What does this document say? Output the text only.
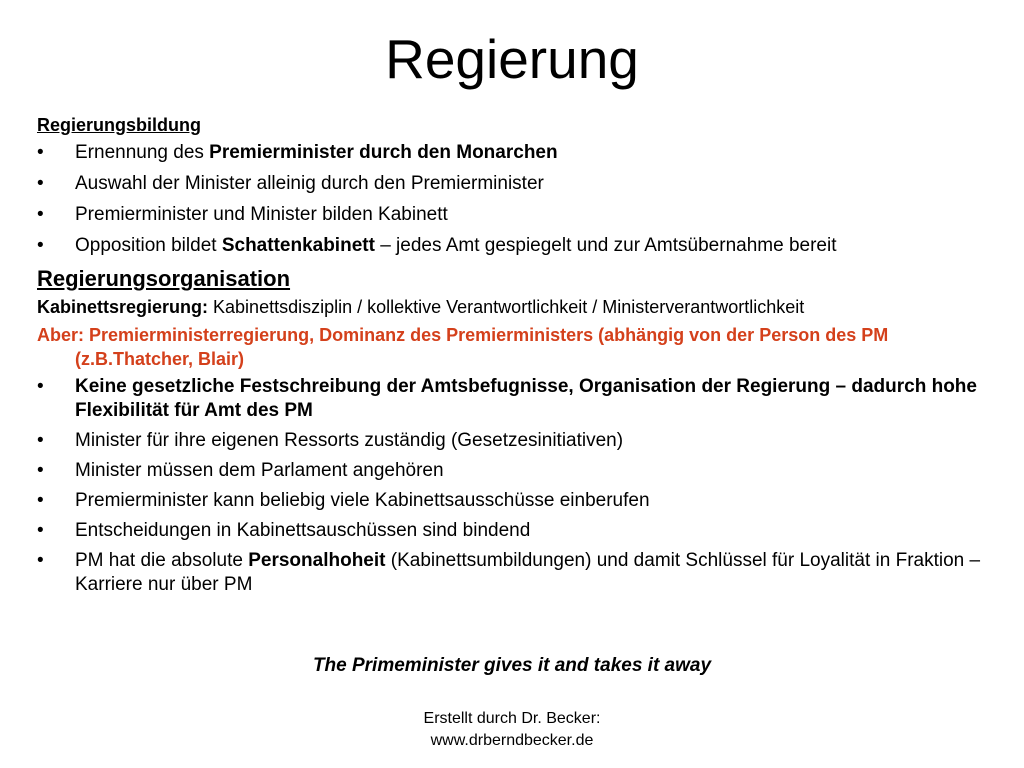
Regierung
Regierungsbildung
• Ernennung des Premierminister durch den Monarchen
• Auswahl der Minister alleinig durch den Premierminister
• Premierminister und Minister bilden Kabinett
• Opposition bildet Schattenkabinett – jedes Amt gespiegelt und zur Amtsübernahme bereit
Regierungsorganisation
Kabinettsregierung: Kabinettsdisziplin / kollektive Verantwortlichkeit / Ministerverantwortlichkeit
Aber: Premierministerregierung, Dominanz des Premierministers (abhängig von der Person des PM (z.B.Thatcher, Blair)
• Keine gesetzliche Festschreibung der Amtsbefugnisse, Organisation der Regierung – dadurch hohe Flexibilität für Amt des PM
• Minister für ihre eigenen Ressorts zuständig (Gesetzesinitiativen)
• Minister müssen dem Parlament angehören
• Premierminister kann beliebig viele Kabinettsausschüsse einberufen
• Entscheidungen in Kabinettsauschüssen sind bindend
• PM hat die absolute Personalhoheit (Kabinettsumbildungen) und damit Schlüssel für Loyalität in Fraktion – Karriere nur über PM
The Primeminister gives it and takes it away
Erstellt durch Dr. Becker:
www.drberndbecker.de
